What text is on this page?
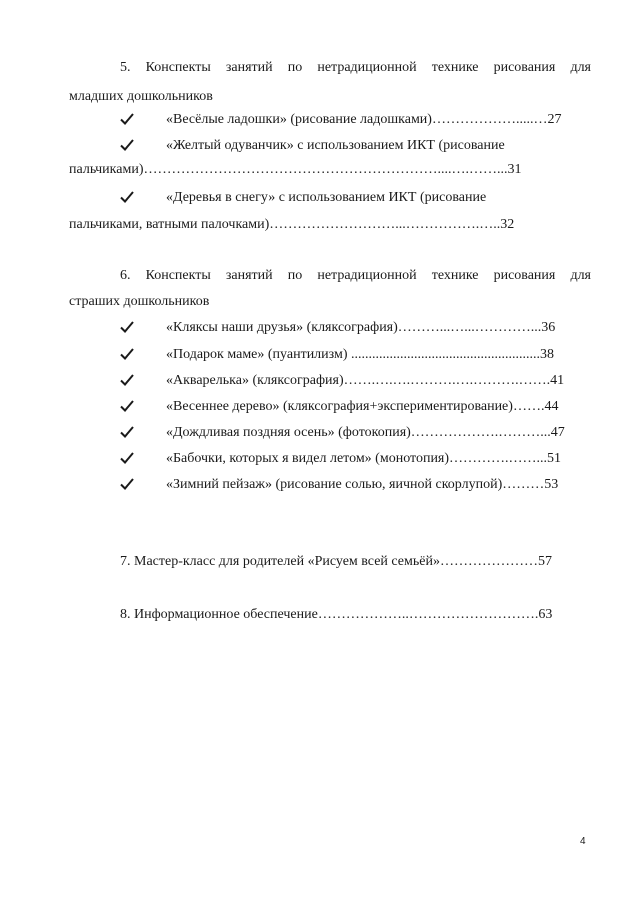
5. Конспекты занятий по нетрадиционной технике рисования для
младших дошкольников
«Весёлые ладошки» (рисование ладошками)……………….....…27
«Желтый одуванчик» с использованием ИКТ (рисование
пальчиками)………………………………………………………....….……...31
«Деревья в снегу» с использованием ИКТ (рисование
пальчиками, ватными палочками)………………………...…………….…..32
6. Конспекты занятий по нетрадиционной технике рисования для
страших дошкольников
«Кляксы наши друзья» (кляксография)………...…...…………...36
«Подарок маме» (пуантилизм) ......................................................38
«Акварелька» (кляксография)…….….….……….….……….…….41
«Весеннее дерево» (кляксография+экспериментирование)…….44
«Дождливая поздняя осень» (фотокопия)……………….………...47
«Бабочки, которых я видел летом» (монотопия)………….……...51
«Зимний пейзаж» (рисование солью, яичной скорлупой)………53
7. Мастер-класс для родителей «Рисуем всей семьёй»…………………57
8. Информационное обеспечение………………..……………………….63
4
